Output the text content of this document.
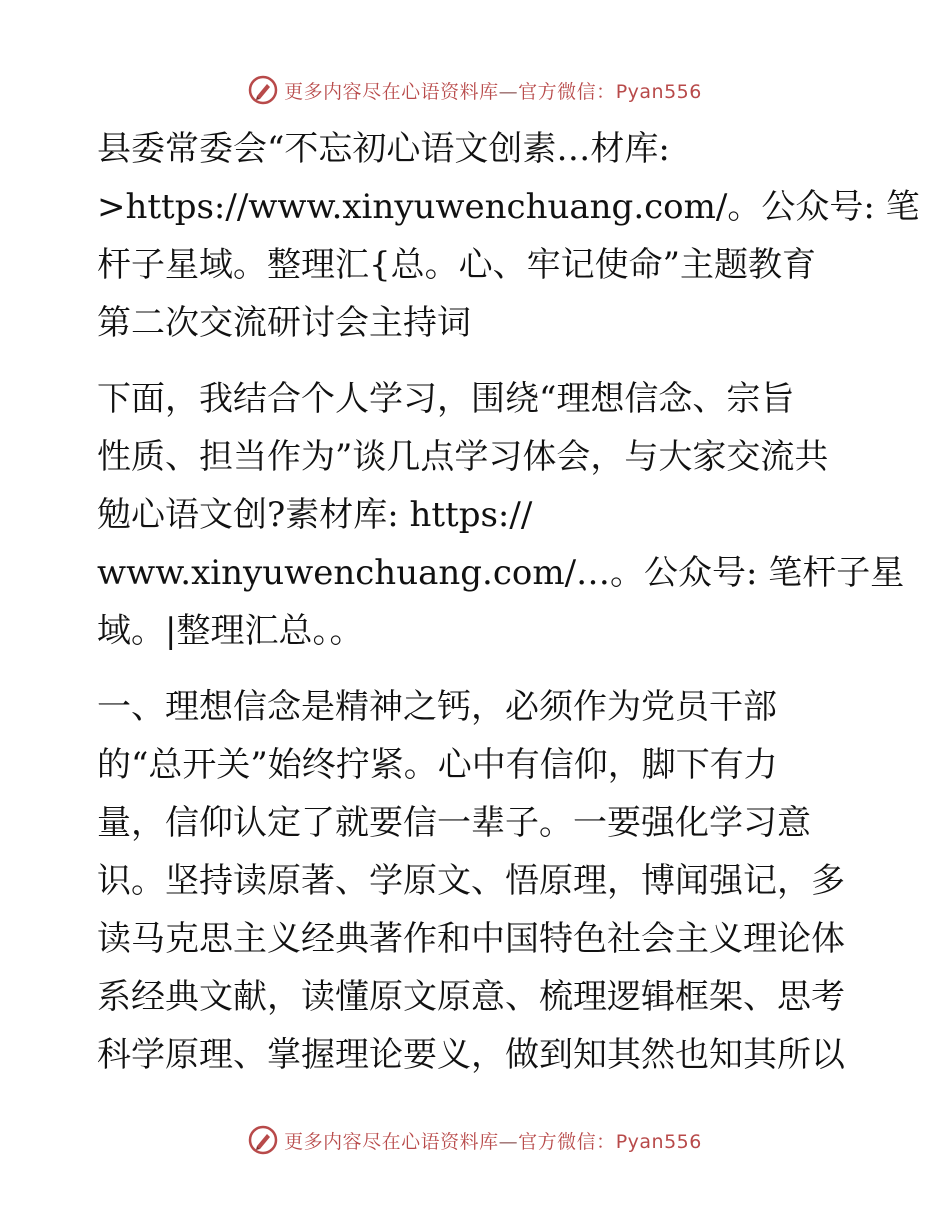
更多内容尽在心语资料库—官方微信：Pyan556

县委常委会“不忘初心语文创素…材库:
>https://www.xinyuwenchuang.com/。公众号: 笔
杆子星域。整理汇{总。心、牢记使命”主题教育
第二次交流研讨会主持词

下面，我结合个人学习，围绕“理想信念、宗旨
性质、担当作为”谈几点学习体会，与大家交流共
勉心语文创?素材库: https://
www.xinyuwenchuang.com/…。公众号: 笔杆子星
域。|整理汇总。。

一、理想信念是精神之钙，必须作为党员干部
的“总开关”始终拧紧。心中有信仰，脚下有力
量，信仰认定了就要信一辈子。一要强化学习意
识。坚持读原著、学原文、悟原理，博闻强记，多
读马克思主义经典著作和中国特色社会主义理论体
系经典文献，读懂原文原意、梳理逻辑框架、思考
科学原理、掌握理论要义，做到知其然也知其所以

更多内容尽在心语资料库—官方微信：Pyan556
